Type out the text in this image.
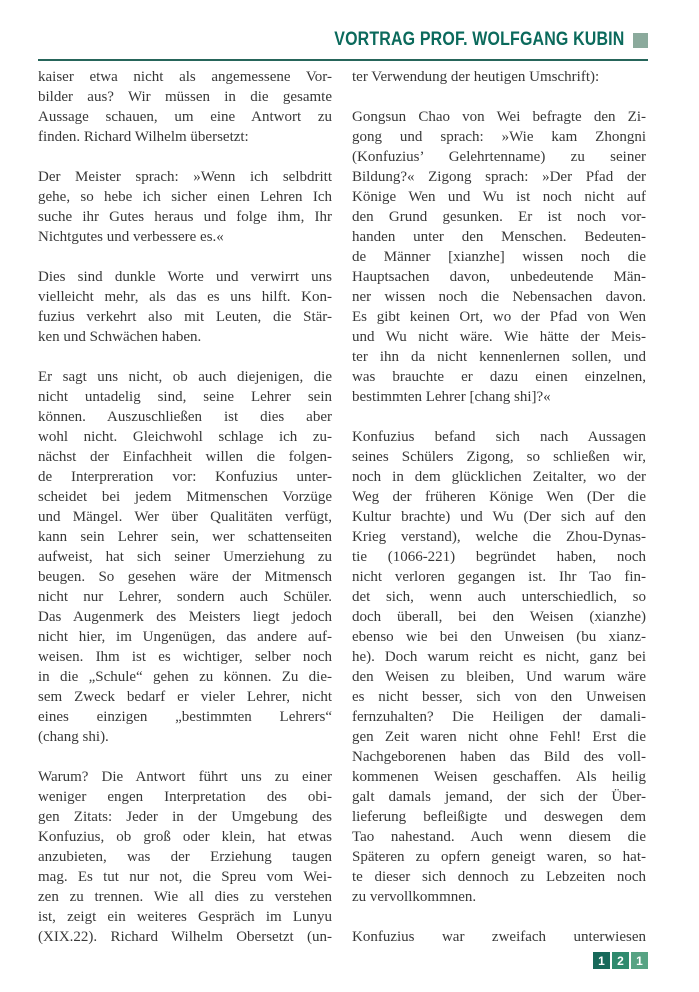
VORTRAG PROF. WOLFGANG KUBIN
kaiser etwa nicht als angemessene Vor-
bilder aus? Wir müssen in die gesamte
Aussage schauen, um eine Antwort zu
finden. Richard Wilhelm übersetzt:
Der Meister sprach: »Wenn ich selbdritt
gehe, so hebe ich sicher einen Lehren Ich
suche ihr Gutes heraus und folge ihm, Ihr
Nichtgutes und verbessere es.«
Dies sind dunkle Worte und verwirrt uns
vielleicht mehr, als das es uns hilft. Kon-
fuzius verkehrt also mit Leuten, die Stär-
ken und Schwächen haben.
Er sagt uns nicht, ob auch diejenigen, die
nicht untadelig sind, seine Lehrer sein
können. Auszuschließen ist dies aber
wohl nicht. Gleichwohl schlage ich zu-
nächst der Einfachheit willen die folgen-
de Interpreration vor: Konfuzius unter-
scheidet bei jedem Mitmenschen Vorzüge
und Mängel. Wer über Qualitäten verfügt,
kann sein Lehrer sein, wer schattenseiten
aufweist, hat sich seiner Umerziehung zu
beugen. So gesehen wäre der Mitmensch
nicht nur Lehrer, sondern auch Schüler.
Das Augenmerk des Meisters liegt jedoch
nicht hier, im Ungenügen, das andere auf-
weisen. Ihm ist es wichtiger, selber noch
in die „Schule“ gehen zu können. Zu die-
sem Zweck bedarf er vieler Lehrer, nicht
eines einzigen „bestimmten Lehrers“
(chang shi).
Warum? Die Antwort führt uns zu einer
weniger engen Interpretation des obi-
gen Zitats: Jeder in der Umgebung des
Konfuzius, ob groß oder klein, hat etwas
anzubieten, was der Erziehung taugen
mag. Es tut nur not, die Spreu vom Wei-
zen zu trennen. Wie all dies zu verstehen
ist, zeigt ein weiteres Gespräch im Lunyu
(XIX.22). Richard Wilhelm Obersetzt (un-
ter Verwendung der heutigen Umschrift):
Gongsun Chao von Wei befragte den Zi-
gong und sprach: »Wie kam Zhongni
(Konfuzius’ Gelehrtenname) zu seiner
Bildung?« Zigong sprach: »Der Pfad der
Könige Wen und Wu ist noch nicht auf
den Grund gesunken. Er ist noch vor-
handen unter den Menschen. Bedeuten-
de Männer [xianzhe] wissen noch die
Hauptsachen davon, unbedeutende Män-
ner wissen noch die Nebensachen davon.
Es gibt keinen Ort, wo der Pfad von Wen
und Wu nicht wäre. Wie hätte der Meis-
ter ihn da nicht kennenlernen sollen, und
was brauchte er dazu einen einzelnen,
bestimmten Lehrer [chang shi]?«
Konfuzius befand sich nach Aussagen
seines Schülers Zigong, so schließen wir,
noch in dem glücklichen Zeitalter, wo der
Weg der früheren Könige Wen (Der die
Kultur brachte) und Wu (Der sich auf den
Krieg verstand), welche die Zhou-Dynas-
tie (1066-221) begründet haben, noch
nicht verloren gegangen ist. Ihr Tao fin-
det sich, wenn auch unterschiedlich, so
doch überall, bei den Weisen (xianzhe)
ebenso wie bei den Unweisen (bu xianz-
he). Doch warum reicht es nicht, ganz bei
den Weisen zu bleiben, Und warum wäre
es nicht besser, sich von den Unweisen
fernzuhalten? Die Heiligen der damali-
gen Zeit waren nicht ohne Fehl! Erst die
Nachgeborenen haben das Bild des voll-
kommenen Weisen geschaffen. Als heilig
galt damals jemand, der sich der Über-
lieferung befleißigte und deswegen dem
Tao nahestand. Auch wenn diesem die
Späteren zu opfern geneigt waren, so hat-
te dieser sich dennoch zu Lebzeiten noch
zu vervollkommnen.
Konfuzius war zweifach unterwiesen
1	2	1
